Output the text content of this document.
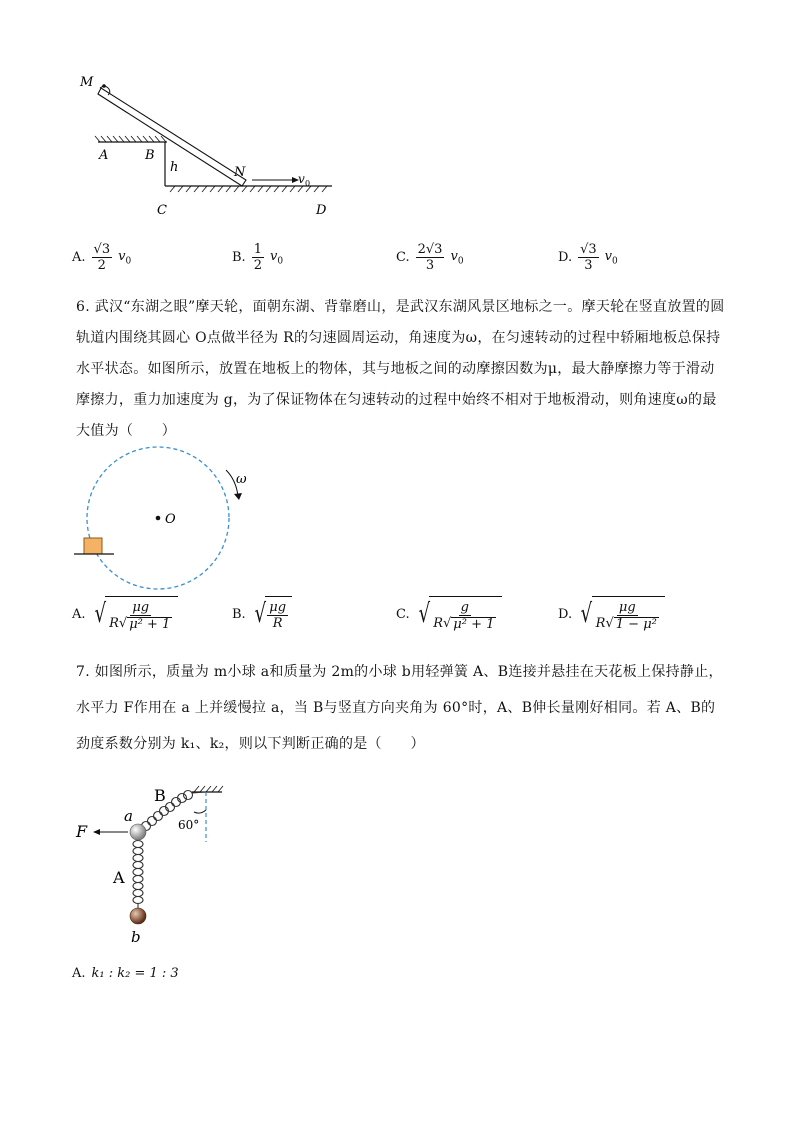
M
A	B
h	N	v 0
C	D
A. $\frac{√3}{2} v_0$	B. $\frac{1}{2} v_0$	C. $\frac{2√3}{3} v_0$	D. $\frac{√3}{3} v_0$
6. 武汉“东湖之眼”摩天轮，面朝东湖、背靠磨山，是武汉东湖风景区地标之一。摩天轮在竖直放置的圆轨道内围绕其圆心 O点做半径为 R的匀速圆周运动，角速度为ω，在匀速转动的过程中轿厢地板总保持水平状态。如图所示，放置在地板上的物体，其与地板之间的动摩擦因数为μ，最大静摩擦力等于滑动摩擦力，重力加速度为 g，为了保证物体在匀速转动的过程中始终不相对于地板滑动，则角速度ω的最大值为（　　）
O
ω
A. √ $\frac{\mu g}{\text{R √ μ² + 1}}$	B. √ $\frac{\mu g}{R}$	C. √ $\frac{g}{\text{R √ μ² + 1}}$	D. √ $\frac{\mu g}{\text{R √ 1 − μ²}}$
7. 如图所示，质量为 m小球 a和质量为 2m的小球 b用轻弹簧 A、B连接并悬挂在天花板上保持静止，水平力 F作用在 a 上并缓慢拉 a，当 B与竖直方向夹角为 60°时，A、B伸长量刚好相同。若 A、B的劲度系数分别为 k₁、k₂，则以下判断正确的是（　　）
F
a
B
60°
A
b
A. k₁ : k₂ = 1 : 3
